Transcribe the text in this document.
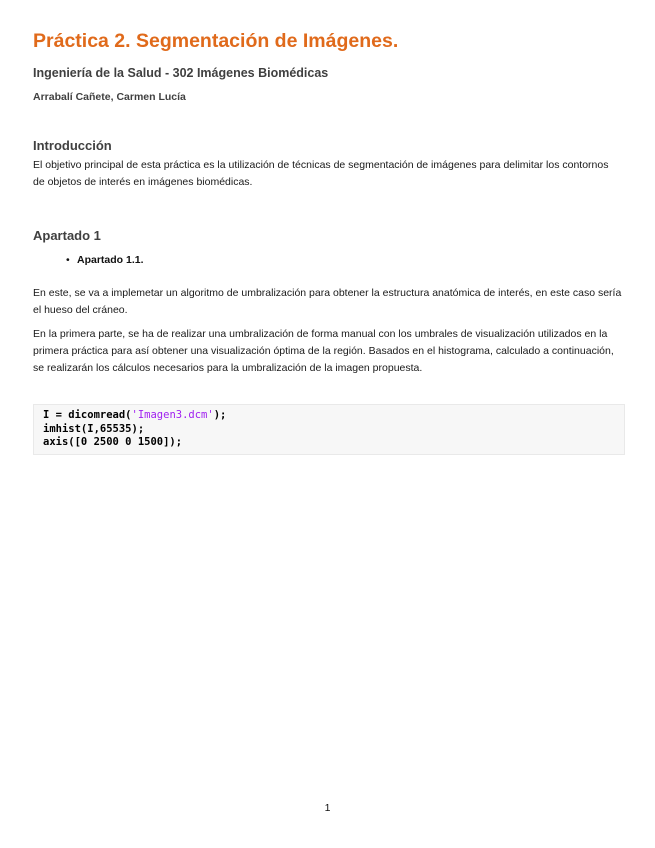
Práctica 2. Segmentación de Imágenes.
Ingeniería de la Salud - 302 Imágenes Biomédicas
Arrabalí Cañete, Carmen Lucía
Introducción

El objetivo principal de esta práctica es la utilización de técnicas de segmentación de imágenes para delimitar los contornos de objetos de interés en imágenes biomédicas.

Apartado 1
• Apartado 1.1.

En este, se va a implemetar un algoritmo de umbralización para obtener la estructura anatómica de interés, en este caso sería el hueso del cráneo.

En la primera parte, se ha de realizar una umbralización de forma manual con los umbrales de visualización utilizados en la primera práctica para así obtener una visualización óptima de la región. Basados en el histograma, calculado a continuación, se realizarán los cálculos necesarios para la umbralización de la imagen propuesta.

I = dicomread('Imagen3.dcm');
imhist(I,65535);
axis([0 2500 0 1500]);
1
